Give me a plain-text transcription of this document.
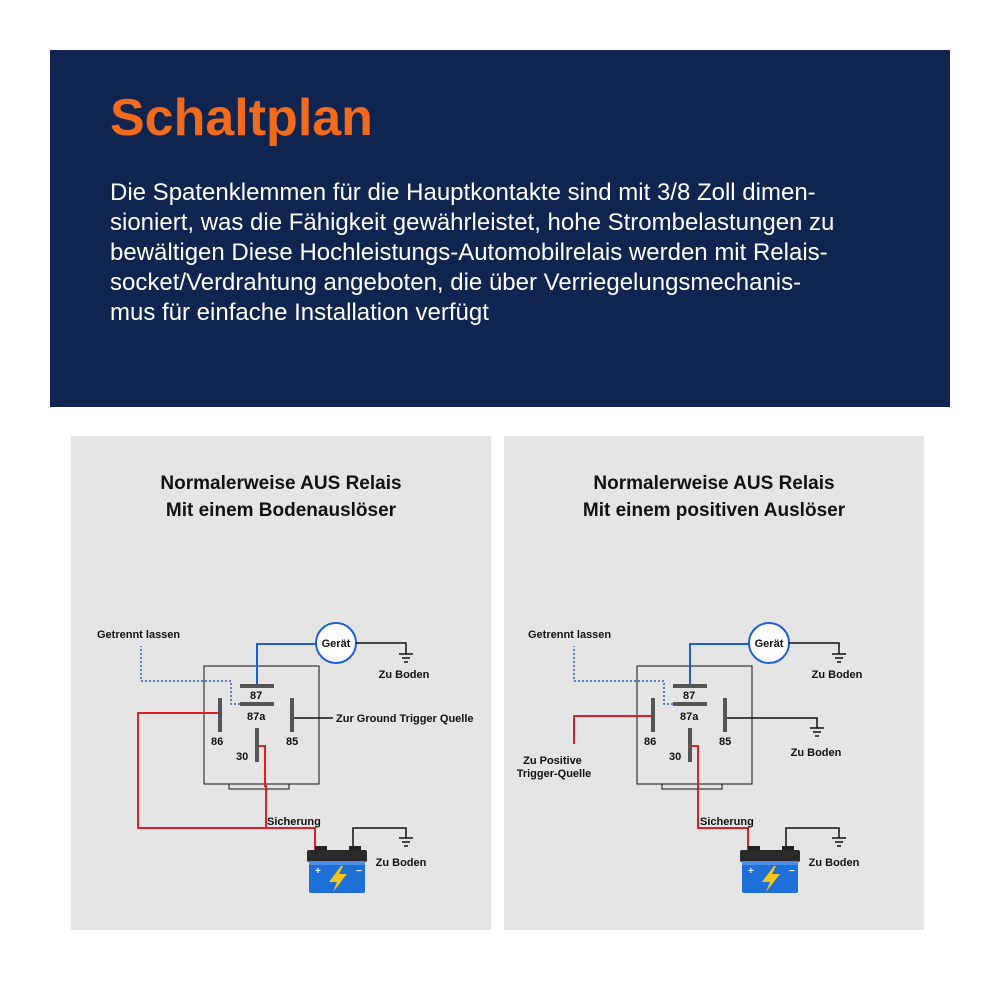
Schaltplan
Die Spatenklemmen für die Hauptkontakte sind mit 3/8 Zoll dimen-
sioniert, was die Fähigkeit gewährleistet, hohe Strombelastungen zu
bewältigen Diese Hochleistungs-Automobilrelais werden mit Relais-
socket/Verdrahtung angeboten, die über Verriegelungsmechanis-
mus für einfache Installation verfügt
Normalerweise AUS Relais
Mit einem Bodenauslöser
87
87a
86	85
30
Gerät
Zu Boden
Getrennt lassen
Zur Ground Trigger Quelle
Sicherung
Zu Boden
+	−
Normalerweise AUS Relais
Mit einem positiven Auslöser
87
87a
86	85
30
Gerät
Zu Boden
Getrennt lassen
Zu Positive Trigger-Quelle
Zu Boden
Sicherung
Zu Boden
+	−
